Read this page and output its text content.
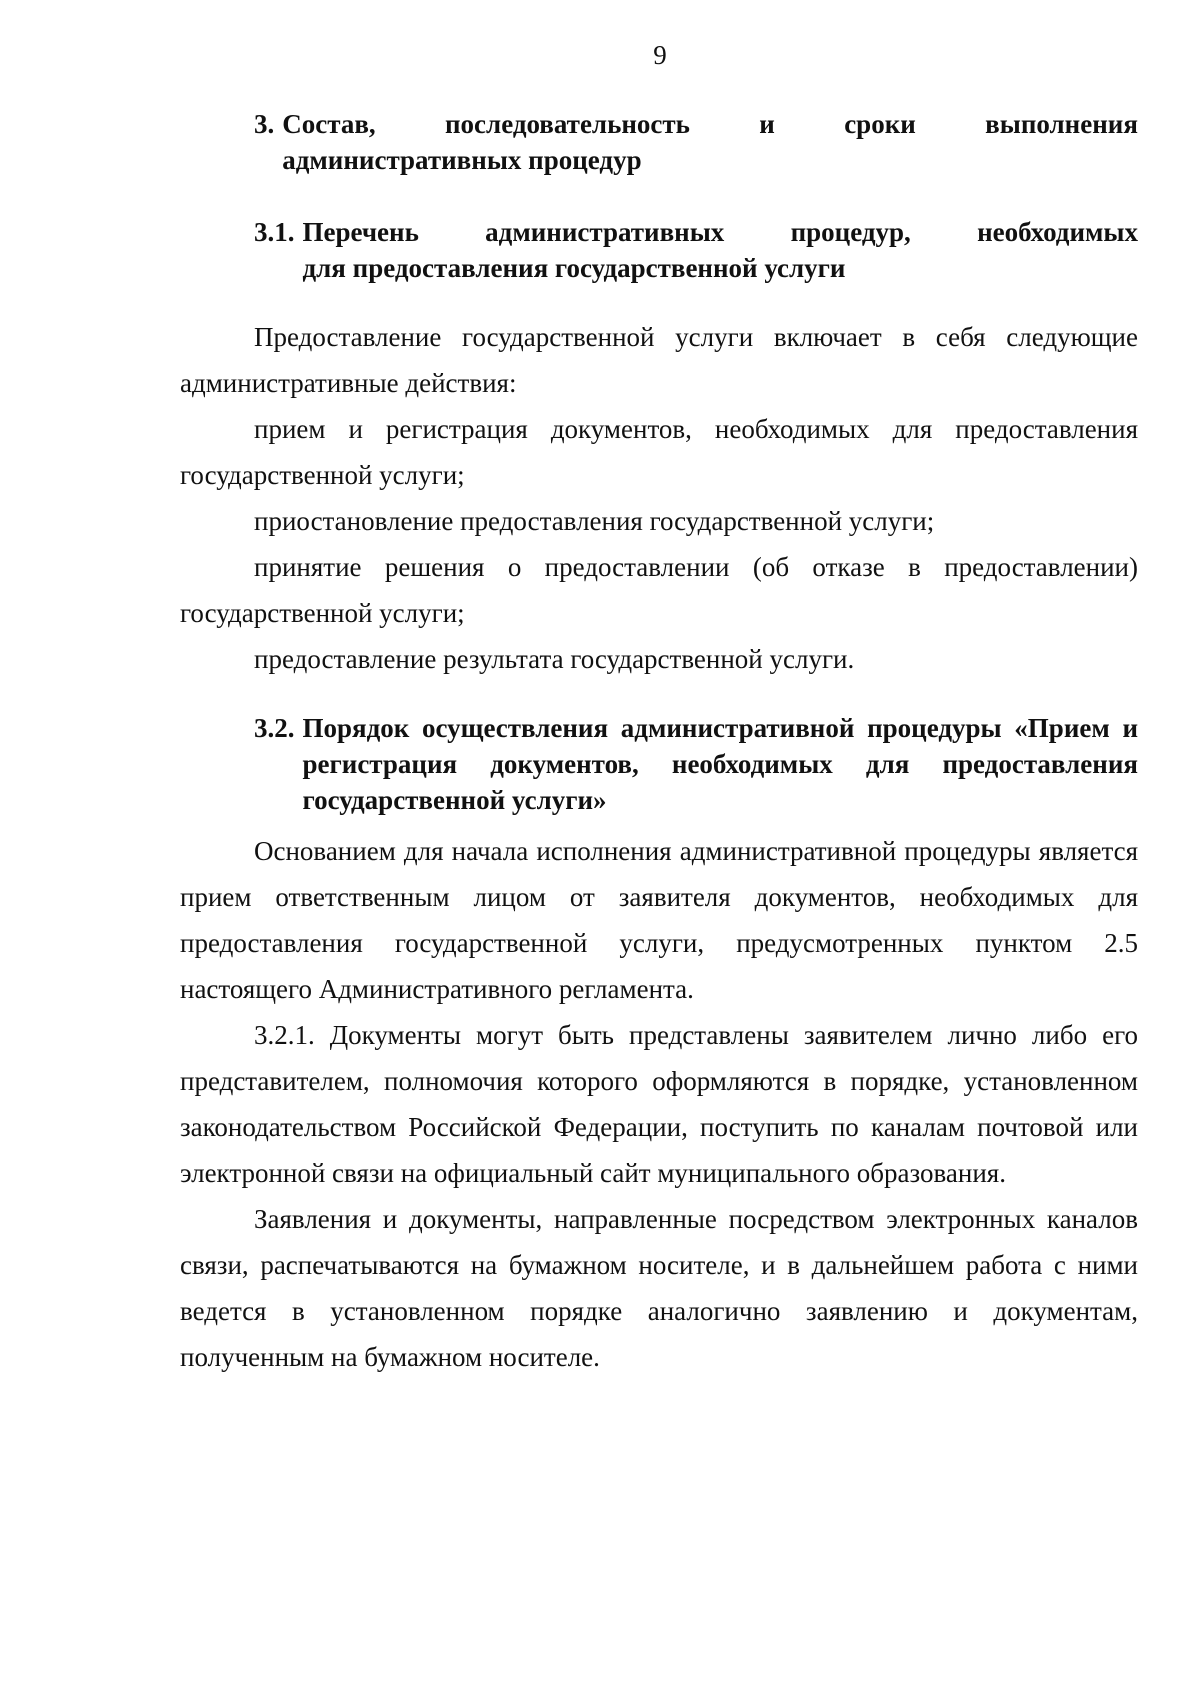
9
3. Состав,	последовательность	и	сроки	выполнения
административных процедур
3.1. Перечень административных процедур, необходимых
для предоставления государственной услуги

Предоставление государственной услуги включает в себя следующие административные действия:

прием и регистрация документов, необходимых для предоставления государственной услуги;

приостановление предоставления государственной услуги;

принятие решения о предоставлении (об отказе в предоставлении) государственной услуги;

предоставление результата государственной услуги.

3.2. Порядок осуществления административной процедуры «Прием и регистрация документов, необходимых для предоставления государственной услуги»

Основанием для начала исполнения административной процедуры является прием ответственным лицом от заявителя документов, необходимых для предоставления государственной услуги, предусмотренных пунктом 2.5 настоящего Административного регламента.

3.2.1. Документы могут быть представлены заявителем лично либо его представителем, полномочия которого оформляются в порядке, установленном законодательством Российской Федерации, поступить по каналам почтовой или электронной связи на официальный сайт муниципального образования.

Заявления и документы, направленные посредством электронных каналов связи, распечатываются на бумажном носителе, и в дальнейшем работа с ними ведется в установленном порядке аналогично заявлению и документам, полученным на бумажном носителе.
